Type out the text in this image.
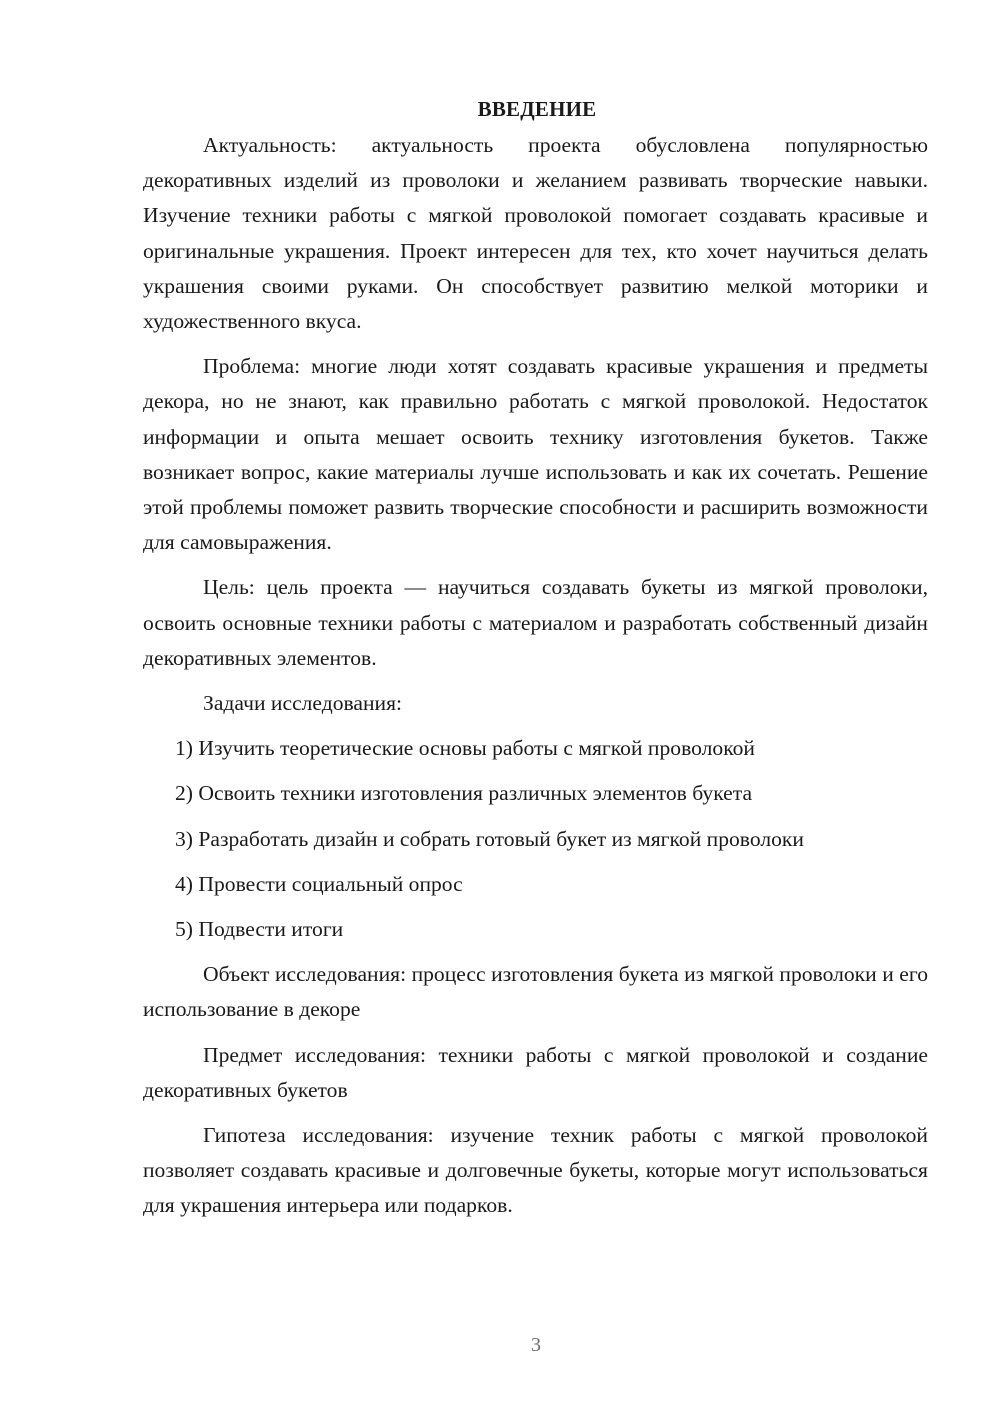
ВВЕДЕНИЕ

Актуальность: актуальность проекта обусловлена популярностью декоративных изделий из проволоки и желанием развивать творческие навыки. Изучение техники работы с мягкой проволокой помогает создавать красивые и оригинальные украшения. Проект интересен для тех, кто хочет научиться делать украшения своими руками. Он способствует развитию мелкой моторики и художественного вкуса.

Проблема: многие люди хотят создавать красивые украшения и предметы декора, но не знают, как правильно работать с мягкой проволокой. Недостаток информации и опыта мешает освоить технику изготовления букетов. Также возникает вопрос, какие материалы лучше использовать и как их сочетать. Решение этой проблемы поможет развить творческие способности и расширить возможности для самовыражения.

Цель: цель проекта — научиться создавать букеты из мягкой проволоки, освоить основные техники работы с материалом и разработать собственный дизайн декоративных элементов.

Задачи исследования:

1) Изучить теоретические основы работы с мягкой проволокой
2) Освоить техники изготовления различных элементов букета
3) Разработать дизайн и собрать готовый букет из мягкой проволоки
4) Провести социальный опрос
5) Подвести итоги

Объект исследования: процесс изготовления букета из мягкой проволоки и его использование в декоре

Предмет исследования: техники работы с мягкой проволокой и создание декоративных букетов

Гипотеза исследования: изучение техник работы с мягкой проволокой позволяет создавать красивые и долговечные букеты, которые могут использоваться для украшения интерьера или подарков.

3
